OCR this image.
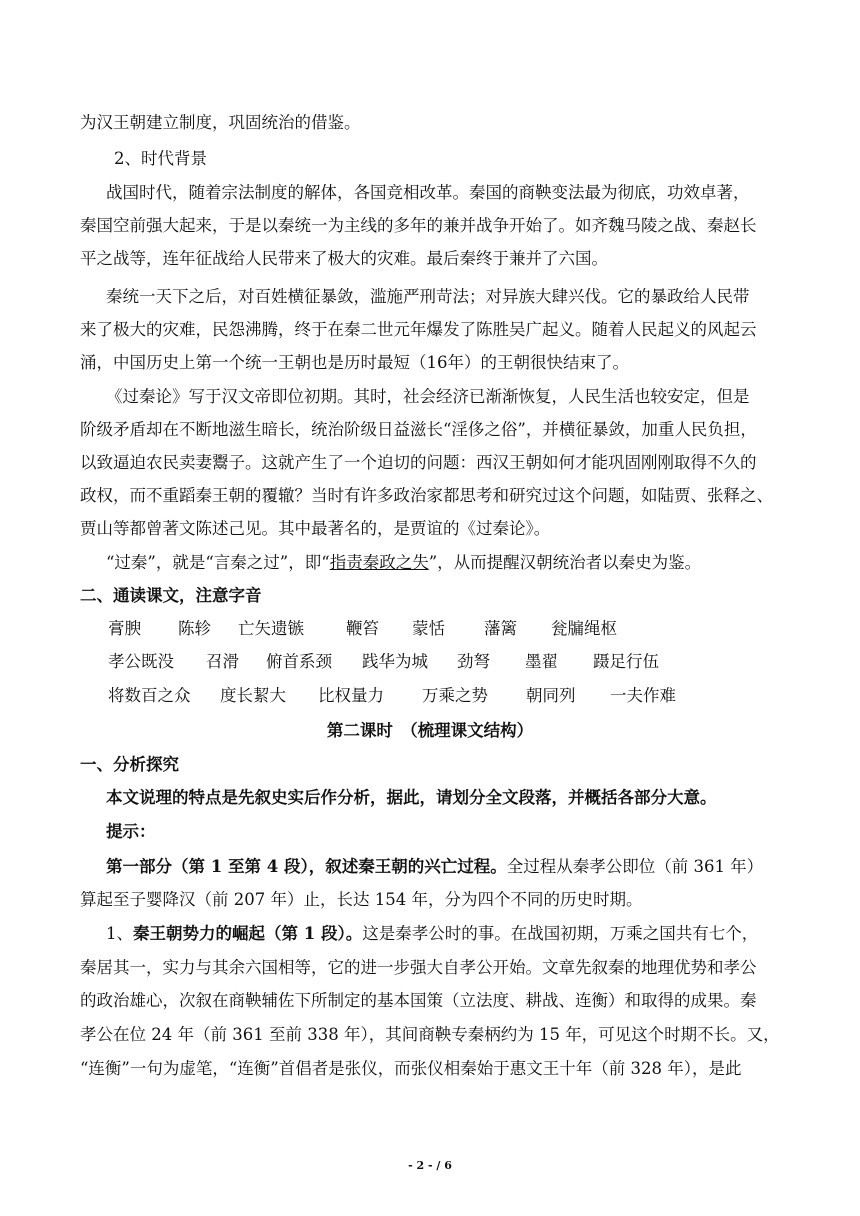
为汉王朝建立制度，巩固统治的借鉴。
2、时代背景
战国时代，随着宗法制度的解体，各国竞相改革。秦国的商鞅变法最为彻底，功效卓著，
秦国空前强大起来，于是以秦统一为主线的多年的兼并战争开始了。如齐魏马陵之战、秦赵长
平之战等，连年征战给人民带来了极大的灾难。最后秦终于兼并了六国。
秦统一天下之后，对百姓横征暴敛，滥施严刑苛法；对异族大肆兴伐。它的暴政给人民带
来了极大的灾难，民怨沸腾，终于在秦二世元年爆发了陈胜吴广起义。随着人民起义的风起云
涌，中国历史上第一个统一王朝也是历时最短（16年）的王朝很快结束了。
《过秦论》写于汉文帝即位初期。其时，社会经济已渐渐恢复，人民生活也较安定，但是
阶级矛盾却在不断地滋生暗长，统治阶级日益滋长“淫侈之俗”，并横征暴敛，加重人民负担，
以致逼迫农民卖妻鬻子。这就产生了一个迫切的问题：西汉王朝如何才能巩固刚刚取得不久的
政权，而不重蹈秦王朝的覆辙？当时有许多政治家都思考和研究过这个问题，如陆贾、张释之、
贾山等都曾著文陈述己见。其中最著名的，是贾谊的《过秦论》。
“过秦”，就是“言秦之过”，即“指责秦政之失”，从而提醒汉朝统治者以秦史为鉴。
二、通读课文，注意字音
膏腴 陈轸 亡矢遗镞	鞭笞 蒙恬 藩篱 瓮牖绳枢
孝公既没 召滑 俯首系颈 践华为城 劲弩 墨翟 蹑足行伍
将数百之众 度长絜大 比权量力 万乘之势 朝同列 一夫作难
第二课时　（梳理课文结构）
一、分析探究
本文说理的特点是先叙史实后作分析，据此，请划分全文段落，并概括各部分大意。
提示：
第一部分（第 1 至第 4 段），叙述秦王朝的兴亡过程。全过程从秦孝公即位（前 361 年）
算起至子婴降汉（前 207 年）止，长达 154 年，分为四个不同的历史时期。
1、秦王朝势力的崛起（第 1 段）。这是秦孝公时的事。在战国初期，万乘之国共有七个，
秦居其一，实力与其余六国相等，它的进一步强大自孝公开始。文章先叙秦的地理优势和孝公
的政治雄心，次叙在商鞅辅佐下所制定的基本国策（立法度、耕战、连衡）和取得的成果。秦
孝公在位 24 年（前 361 至前 338 年），其间商鞅专秦柄约为 15 年，可见这个时期不长。又，
“连衡”一句为虚笔，“连衡”首倡者是张仪，而张仪相秦始于惠文王十年（前 328 年），是此
- 2 - / 6
